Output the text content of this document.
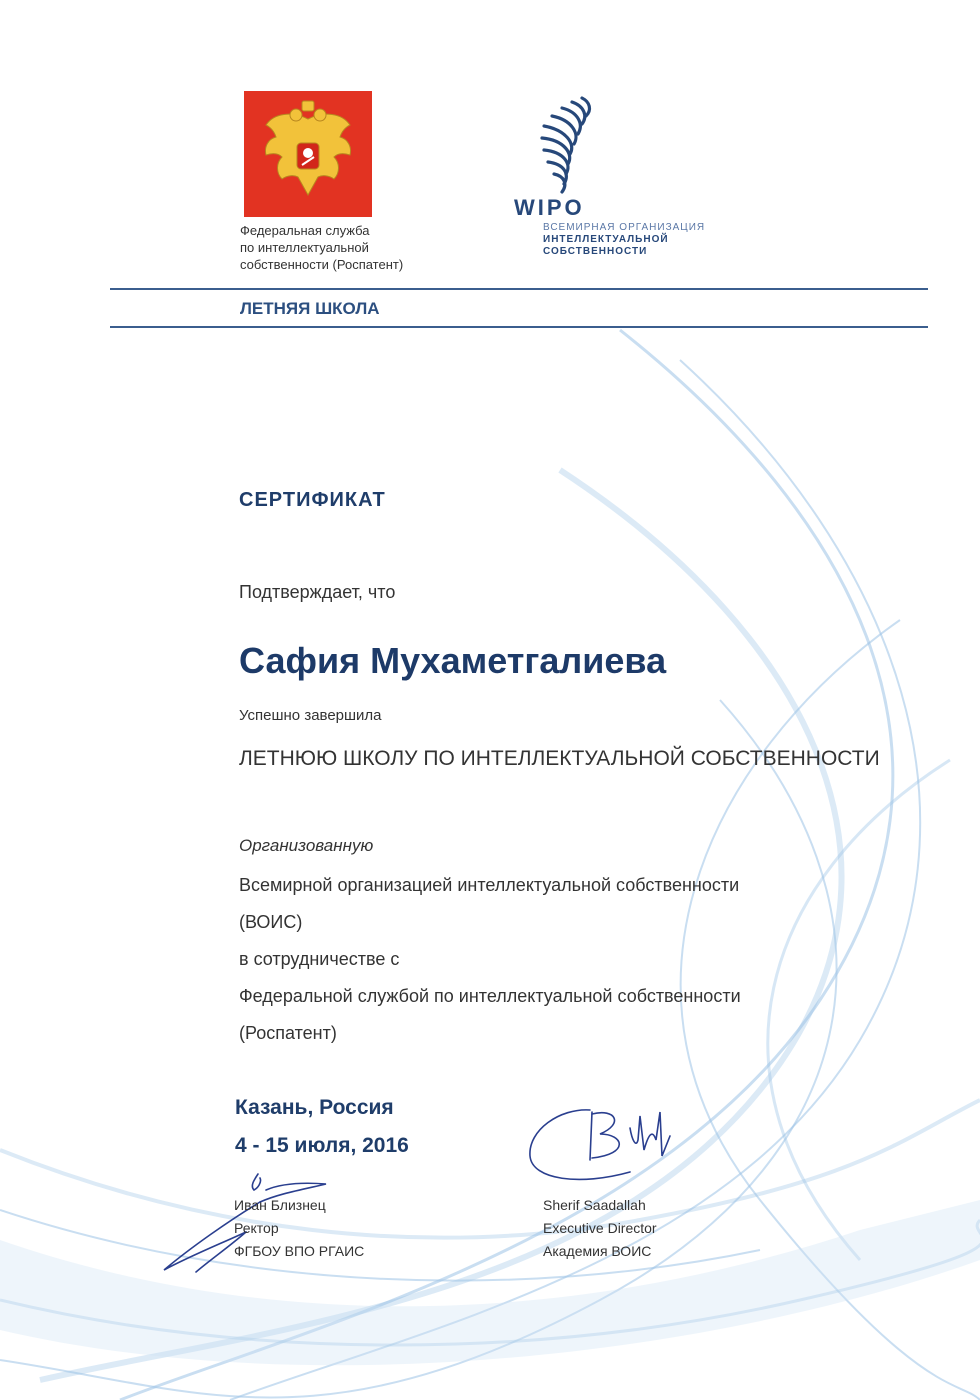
Федеральная служба
по интеллектуальной
собственности (Роспатент)
WIPO
ВСЕМИРНАЯ ОРГАНИЗАЦИЯ
ИНТЕЛЛЕКТУАЛЬНОЙ
СОБСТВЕННОСТИ
ЛЕТНЯЯ ШКОЛА
СЕРТИФИКАТ
Подтверждает, что
Сафия Мухаметгалиева
Успешно завершила
ЛЕТНЮЮ ШКОЛУ ПО ИНТЕЛЛЕКТУАЛЬНОЙ СОБСТВЕННОСТИ
Организованную
Всемирной организацией интеллектуальной собственности
(ВОИС)
в сотрудничестве с
Федеральной службой по интеллектуальной собственности
(Роспатент)
Казань, Россия
4 - 15 июля, 2016
Иван Близнец
Ректор
ФГБОУ ВПО РГАИС
Sherif Saadallah
Executive Director
Академия ВОИС
